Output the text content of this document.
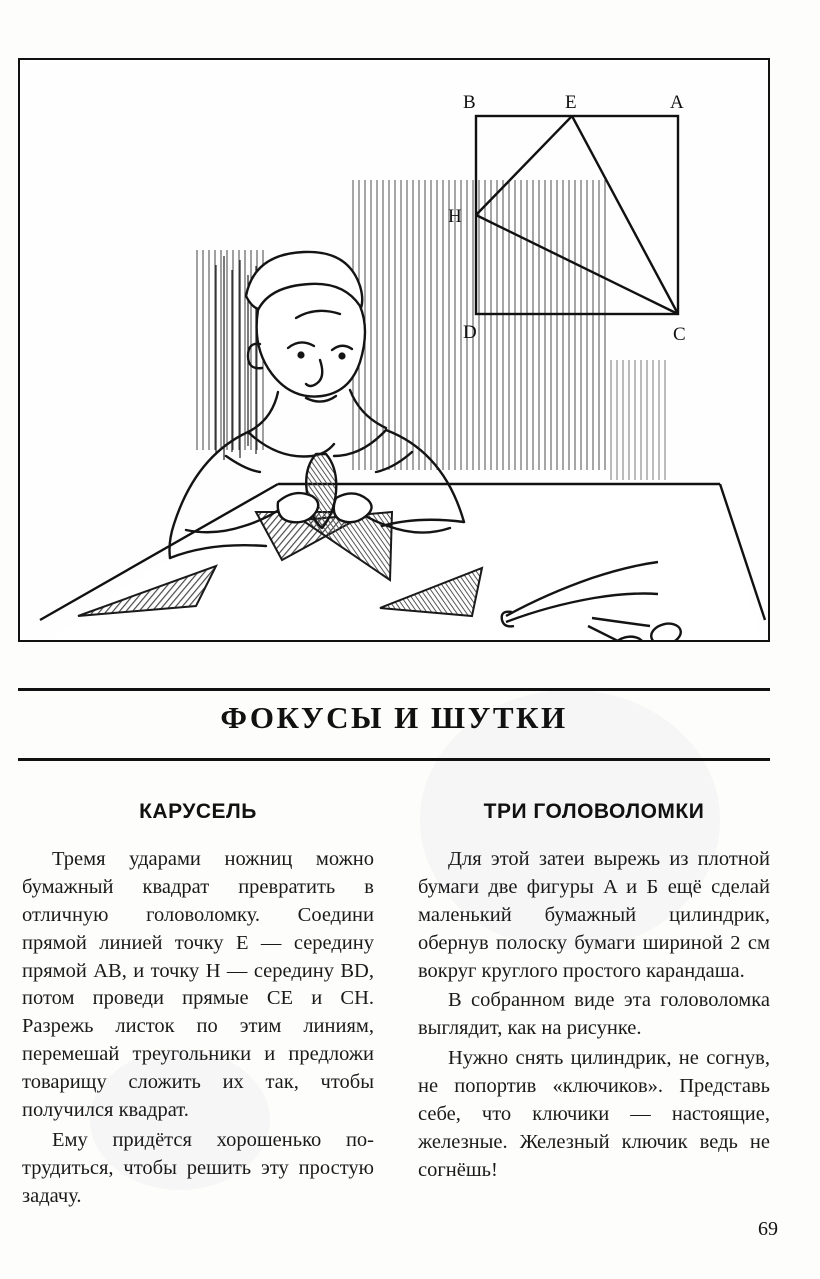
B	E	A
H
D	C
ФОКУСЫ И ШУТКИ
КАРУСЕЛЬ

Тремя ударами ножниц можно бумажный квадрат превратить в отличную головоломку. Соедини прямой линией точку E — середину прямой AB, и точку H — середину BD, потом проведи прямые CE и CH. Разрежь листок по этим линиям, перемешай треугольники и предложи товарищу сложить их так, чтобы получился квадрат.

Ему придётся хорошенько потрудиться, чтобы решить эту простую задачу.

ТРИ ГОЛОВОЛОМКИ

Для этой затеи вырежь из плотной бумаги две фигуры A и Б ещё сделай маленький бумажный цилиндрик, обернув полоску бумаги шириной 2 см вокруг круглого простого карандаша.

В собранном виде эта головоломка выглядит, как на рисунке.

Нужно снять цилиндрик, не согнув, не попортив «ключиков». Представь себе, что ключики — настоящие, железные. Железный ключик ведь не согнёшь!

69
